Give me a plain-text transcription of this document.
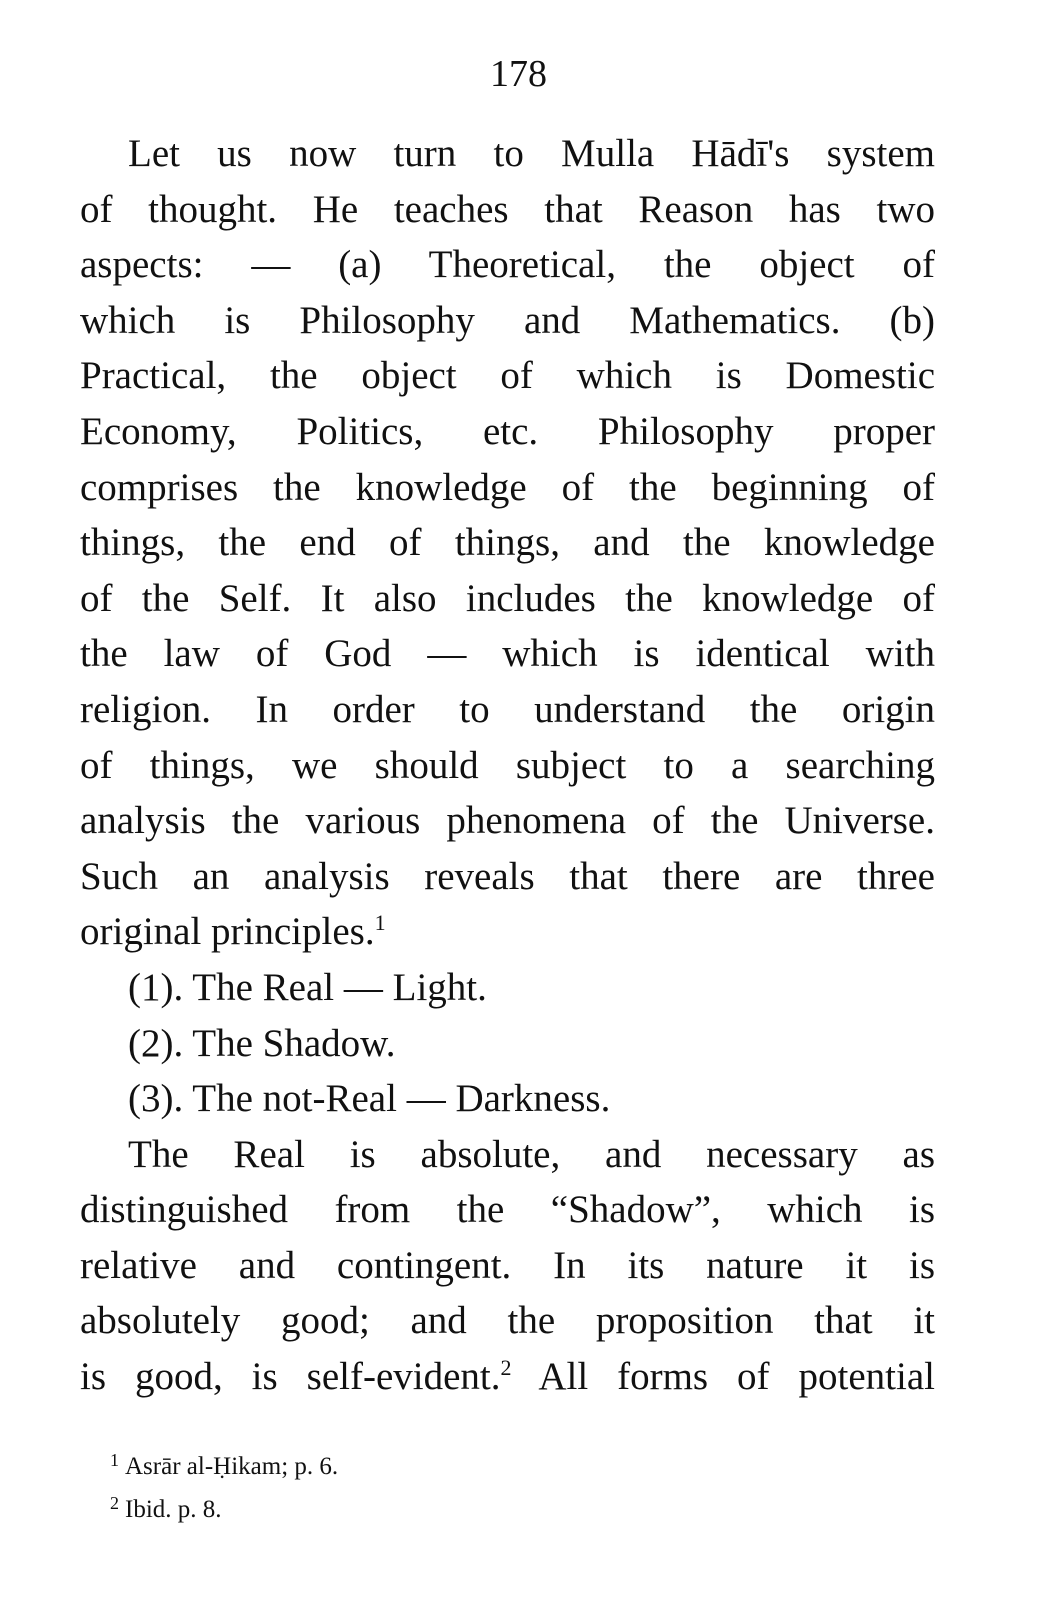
178
Let us now turn to Mulla Hādī's system
of thought. He teaches that Reason has two
aspects: — (a) Theoretical, the object of
which is Philosophy and Mathematics. (b)
Practical, the object of which is Domestic
Economy, Politics, etc. Philosophy proper
comprises the knowledge of the beginning of
things, the end of things, and the knowledge
of the Self. It also includes the knowledge of
the law of God — which is identical with
religion. In order to understand the origin
of things, we should subject to a searching
analysis the various phenomena of the Universe.
Such an analysis reveals that there are three
original principles.$^1$
(1). The Real — Light.
(2). The Shadow.
(3). The not-Real — Darkness.
The Real is absolute, and necessary as
distinguished from the “Shadow”, which is
relative and contingent. In its nature it is
absolutely good; and the proposition that it
is good, is self-evident.$^2$ All forms of potential
$^1$ Asrār al-Ḥikam; p. 6.
$^2$ Ibid. p. 8.
